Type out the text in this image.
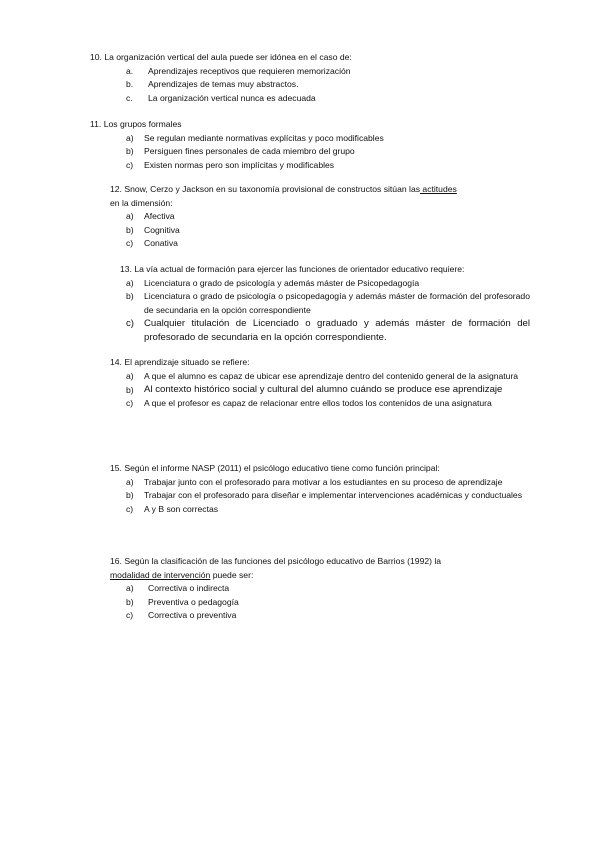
10. La organización vertical del aula puede ser idónea en el caso de:
a.	Aprendizajes receptivos que requieren memorización
b.	Aprendizajes de temas muy abstractos.
c.	La organización vertical nunca es adecuada
11. Los grupos formales
a)	Se regulan mediante normativas explícitas y poco modificables
b)	Persiguen fines personales de cada miembro del grupo
c)	Existen normas pero son implícitas y modificables
12. Snow, Cerzo y Jackson en su taxonomía provisional de constructos sitúan las actitudes
en la dimensión:
a)	Afectiva
b)	Cognitiva
c)	Conativa
13. La vía actual de formación para ejercer las funciones de orientador educativo requiere:
a)	Licenciatura o grado de psicología y además máster de Psicopedagogía
b)	Licenciatura o grado de psicología o psicopedagogía y además máster de formación del profesorado de secundaria en la opción correspondiente
c)	Cualquier titulación de Licenciado o graduado y además máster de formación del profesorado de secundaria en la opción correspondiente.
14. El aprendizaje situado se refiere:
a)	A que el alumno es capaz de ubicar ese aprendizaje dentro del contenido general de la asignatura
b)	Al contexto histórico social y cultural del alumno cuándo se produce ese aprendizaje
c)	A que el profesor es capaz de relacionar entre ellos todos los contenidos de una asignatura
15. Según el informe NASP (2011) el psicólogo educativo tiene como función principal:
a)	Trabajar junto con el profesorado para motivar a los estudiantes en su proceso de aprendizaje
b)	Trabajar con el profesorado para diseñar e implementar intervenciones académicas y conductuales
c)	A y B son correctas
16. Según la clasificación de las funciones del psicólogo educativo de Barrios (1992) la
modalidad de intervención puede ser:
a)	Correctiva o indirecta
b)	Preventiva o pedagogía
c)	Correctiva o preventiva
